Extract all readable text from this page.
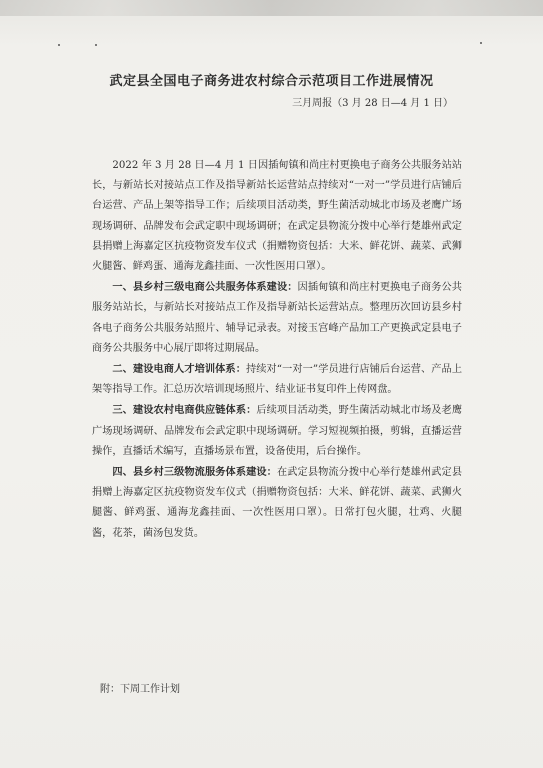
武定县全国电子商务进农村综合示范项目工作进展情况
三月周报（3 月 28 日—4 月 1 日）

2022 年 3 月 28 日—4 月 1 日因插甸镇和尚庄村更换电子商务公共服务站站长，与新站长对接站点工作及指导新站长运营站点持续对“一对一”学员进行店铺后台运营、产品上架等指导工作；后续项目活动类，野生菌活动城北市场及老鹰广场现场调研、品牌发布会武定职中现场调研；在武定县物流分拨中心举行楚雄州武定县捐赠上海嘉定区抗疫物资发车仪式（捐赠物资包括：大米、鲜花饼、蔬菜、武狮火腿酱、鲜鸡蛋、通海龙鑫挂面、一次性医用口罩）。

一、县乡村三级电商公共服务体系建设：因插甸镇和尚庄村更换电子商务公共服务站站长，与新站长对接站点工作及指导新站长运营站点。整理历次回访县乡村各电子商务公共服务站照片、辅导记录表。对接玉宫峰产品加工产更换武定县电子商务公共服务中心展厅即将过期展品。

二、建设电商人才培训体系：持续对“一对一”学员进行店铺后台运营、产品上架等指导工作。汇总历次培训现场照片、结业证书复印件上传网盘。

三、建设农村电商供应链体系：后续项目活动类，野生菌活动城北市场及老鹰广场现场调研、品牌发布会武定职中现场调研。学习短视频拍摄，剪辑，直播运营操作，直播话术编写，直播场景布置，设备使用，后台操作。

四、县乡村三级物流服务体系建设：在武定县物流分拨中心举行楚雄州武定县捐赠上海嘉定区抗疫物资发车仪式（捐赠物资包括：大米、鲜花饼、蔬菜、武狮火腿酱、鲜鸡蛋、通海龙鑫挂面、一次性医用口罩）。日常打包火腿，壮鸡、火腿酱，花茶，菌汤包发货。

附：下周工作计划
